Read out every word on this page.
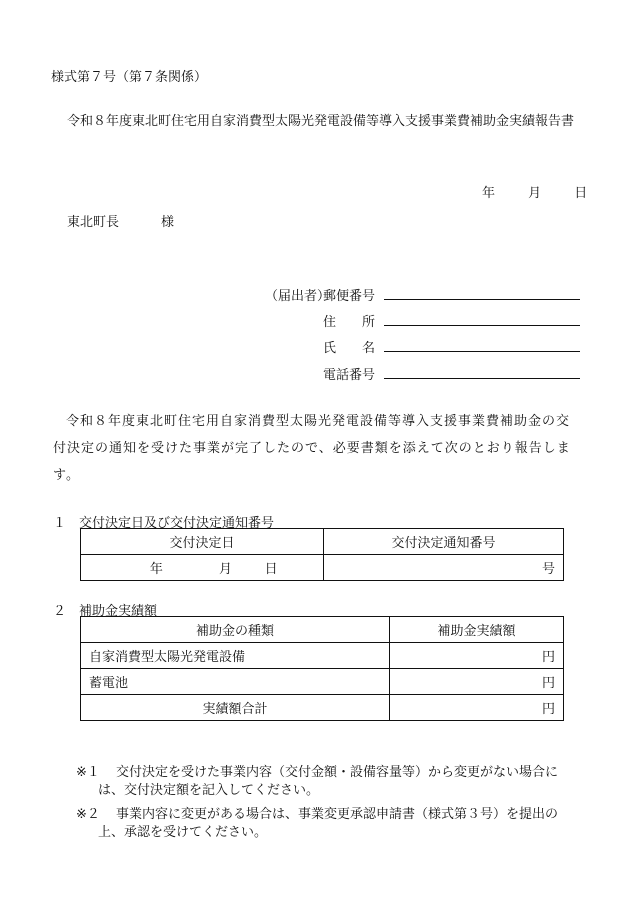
様式第７号（第７条関係）
令和８年度東北町住宅用自家消費型太陽光発電設備等導入支援事業費補助金実績報告書
年	月	日
東北町長	様
（届出者）
郵便番号
住　　所
氏　　名
電話番号
令和８年度東北町住宅用自家消費型太陽光発電設備等導入支援事業費補助金の交付決定の通知を受けた事業が完了したので、必要書類を添えて次のとおり報告します。
１　交付決定日及び交付決定通知番号
交付決定日	交付決定通知番号
年 月 日	号
２　補助金実績額
補助金の種類	補助金実績額
自家消費型太陽光発電設備	円
蓄電池	円
実績額合計	円
※１ 交付決定を受けた事業内容（交付金額・設備容量等）から変更がない場合に
は、交付決定額を記入してください。
※２ 事業内容に変更がある場合は、事業変更承認申請書（様式第３号）を提出の
上、承認を受けてください。
